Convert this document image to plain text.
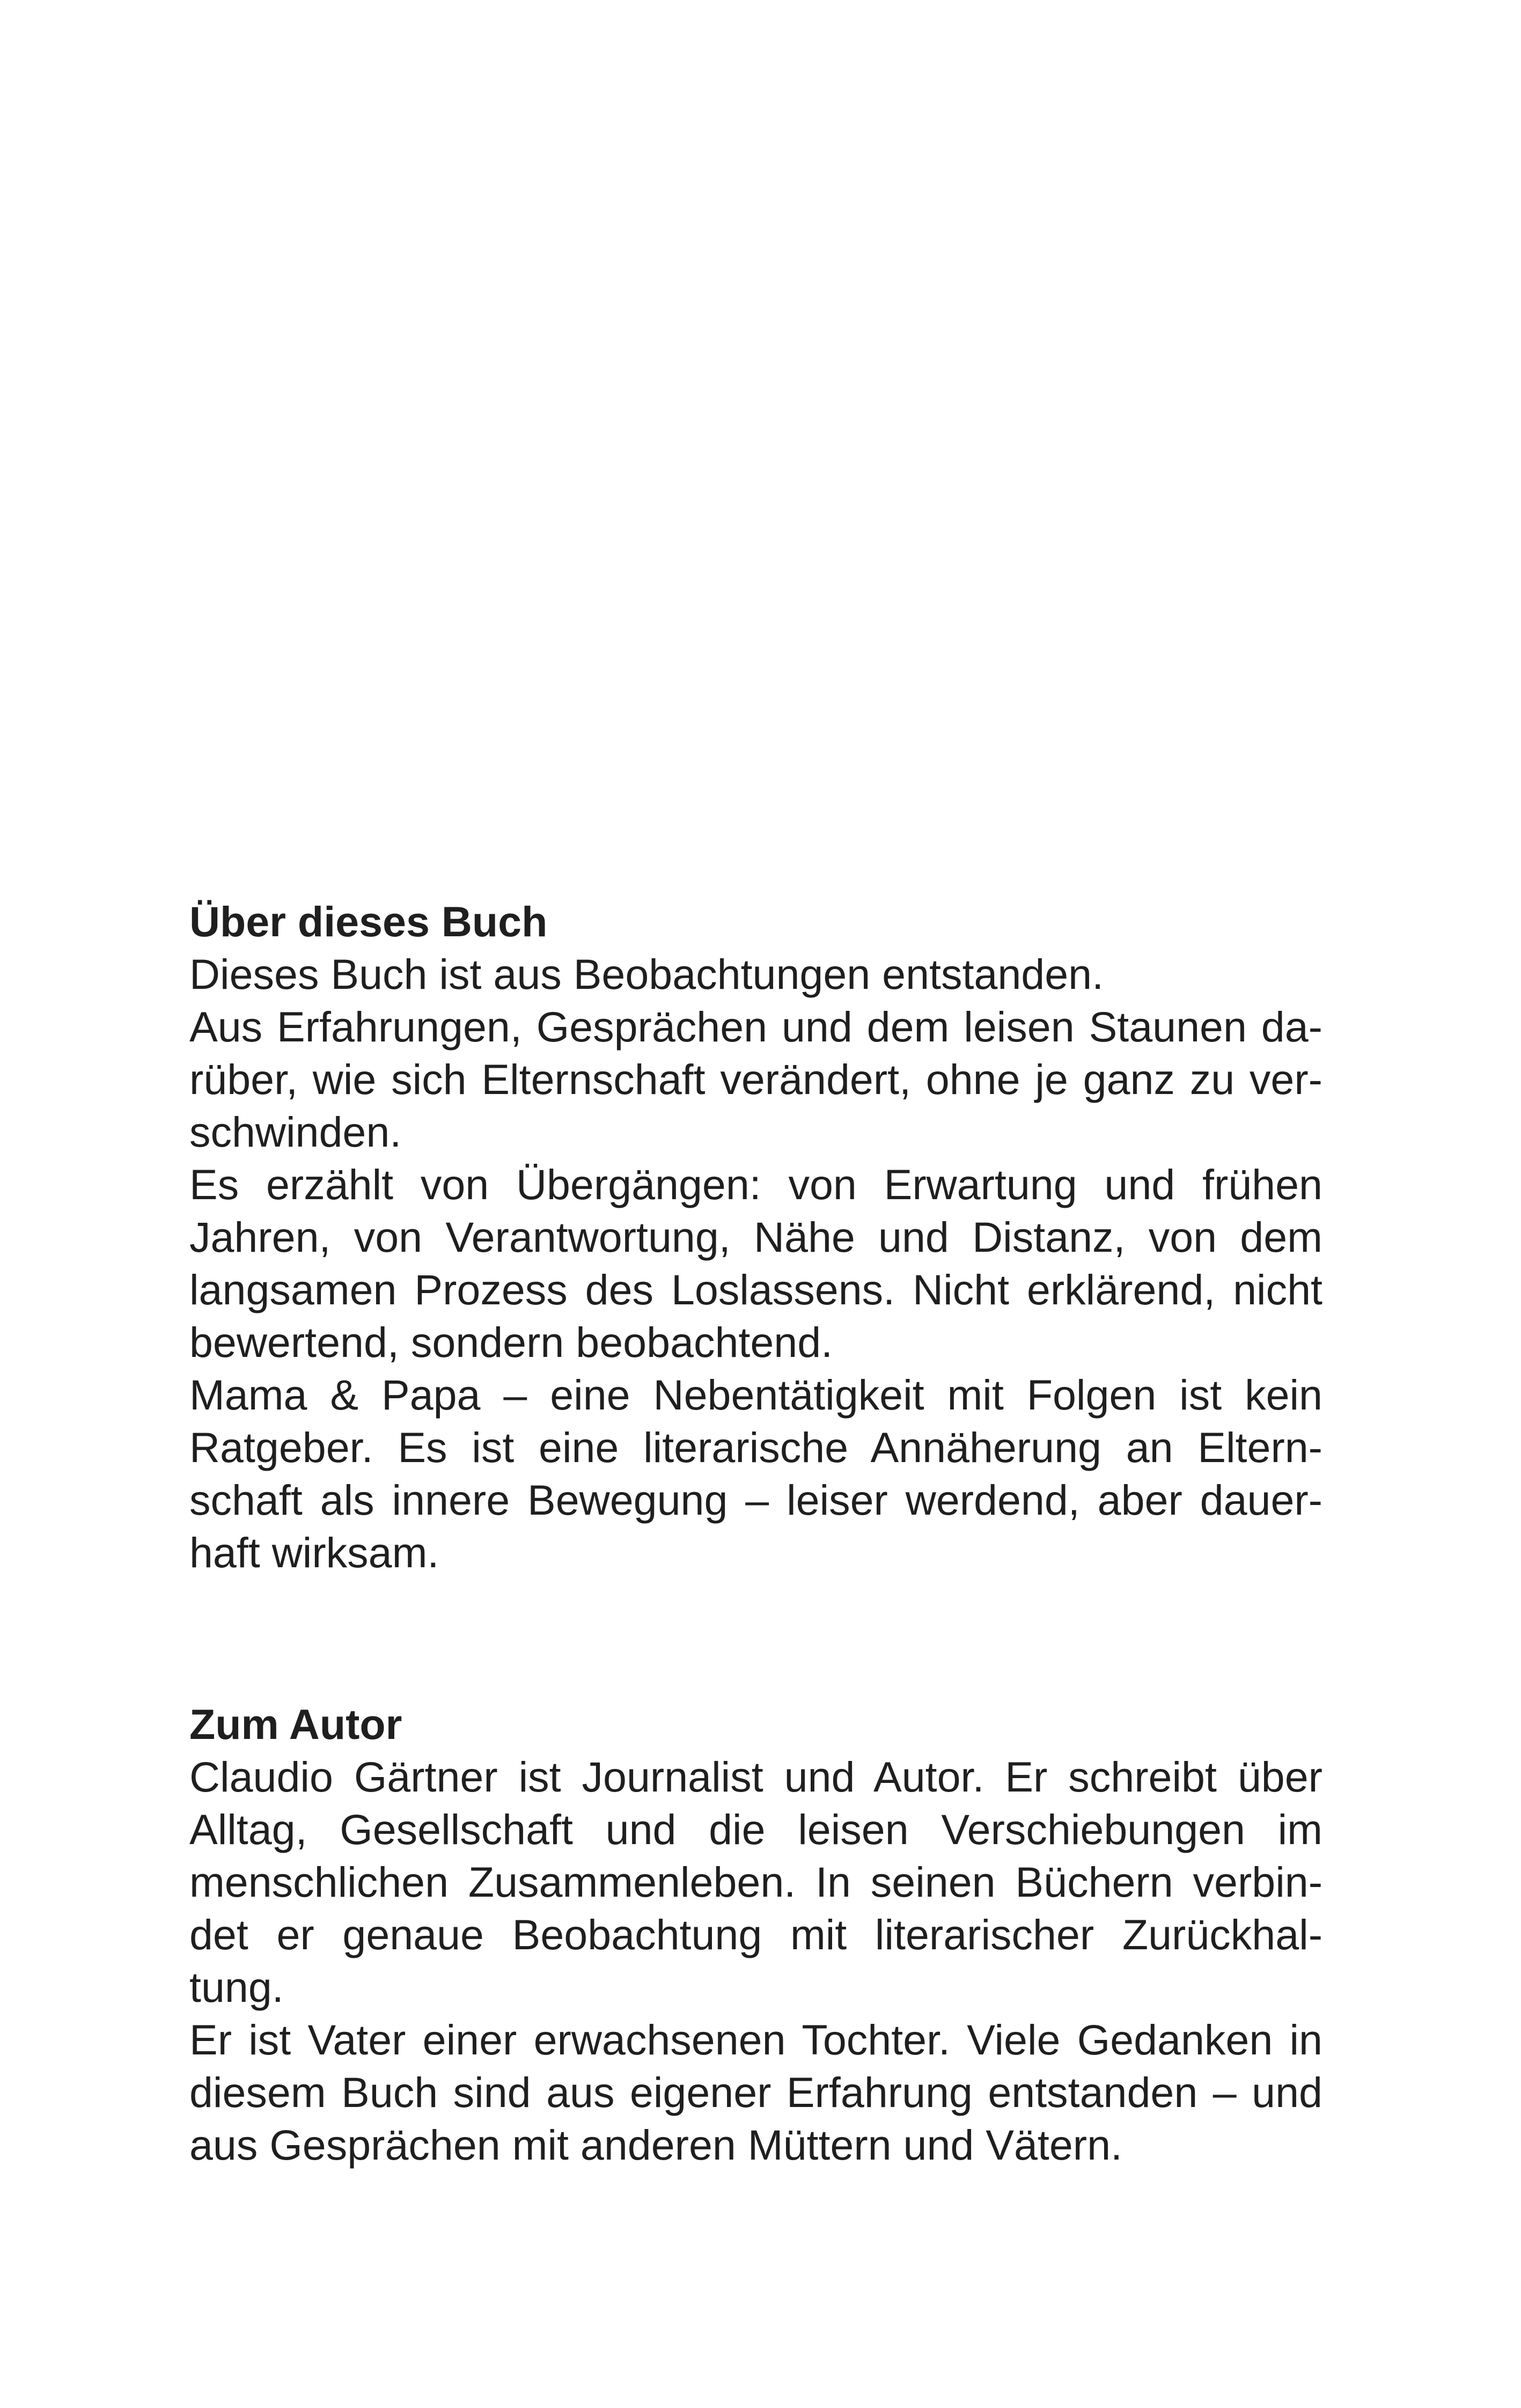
Über dieses Buch
Dieses Buch ist aus Beobachtungen entstanden.
Aus Erfahrungen, Gesprächen und dem leisen Staunen da-
rüber, wie sich Elternschaft verändert, ohne je ganz zu ver-
schwinden.
Es erzählt von Übergängen: von Erwartung und frühen
Jahren, von Verantwortung, Nähe und Distanz, von dem
langsamen Prozess des Loslassens. Nicht erklärend, nicht
bewertend, sondern beobachtend.
Mama & Papa – eine Nebentätigkeit mit Folgen ist kein
Ratgeber. Es ist eine literarische Annäherung an Eltern-
schaft als innere Bewegung – leiser werdend, aber dauer-
haft wirksam.
Zum Autor
Claudio Gärtner ist Journalist und Autor. Er schreibt über
Alltag, Gesellschaft und die leisen Verschiebungen im
menschlichen Zusammenleben. In seinen Büchern verbin-
det er genaue Beobachtung mit literarischer Zurückhal-
tung.
Er ist Vater einer erwachsenen Tochter. Viele Gedanken in
diesem Buch sind aus eigener Erfahrung entstanden – und
aus Gesprächen mit anderen Müttern und Vätern.
